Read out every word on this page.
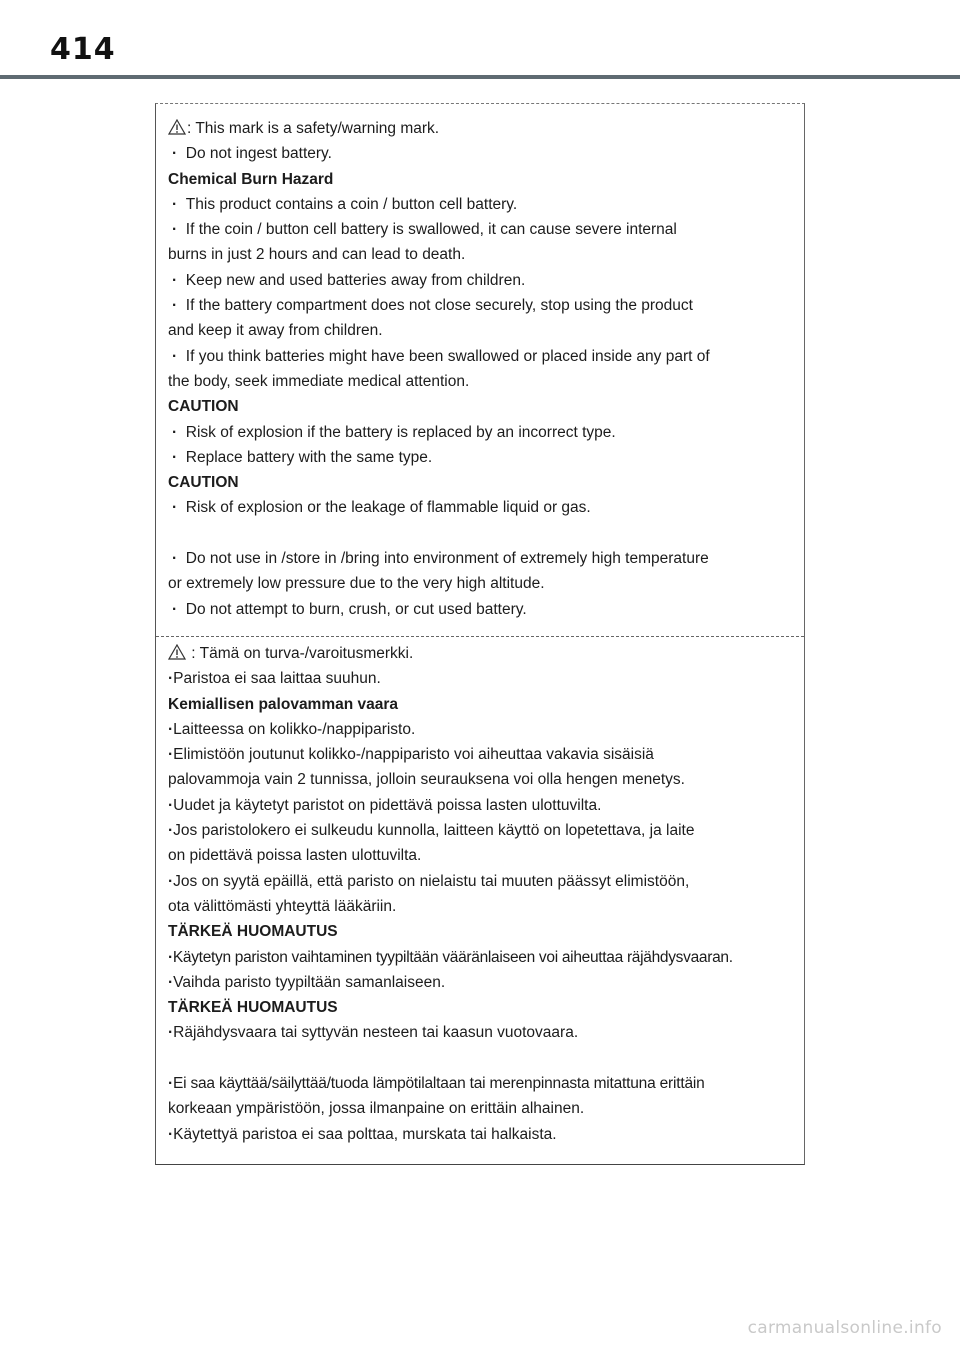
414
: This mark is a safety/warning mark.
·  Do not ingest battery.
Chemical Burn Hazard
·  This product contains a coin / button cell battery.
·  If the coin / button cell battery is swallowed, it can cause severe internal
burns in just 2 hours and can lead to death.
·  Keep new and used batteries away from children.
·  If the battery compartment does not close securely, stop using the product
and keep it away from children.
·  If you think batteries might have been swallowed or placed inside any part of
the body, seek immediate medical attention.
CAUTION
·  Risk of explosion if the battery is replaced by an incorrect type.
·  Replace battery with the same type.
CAUTION
·  Risk of explosion or the leakage of flammable liquid or gas.
·  Do not use in /store in /bring into environment of extremely high temperature
or extremely low pressure due to the very high altitude.
·  Do not attempt to burn, crush, or cut used battery.
: Tämä on turva-/varoitusmerkki.
· Paristoa ei saa laittaa suuhun.
Kemiallisen palovamman vaara
· Laitteessa on kolikko-/nappiparisto.
· Elimistöön joutunut kolikko-/nappiparisto voi aiheuttaa vakavia sisäisiä
palovammoja vain 2 tunnissa, jolloin seurauksena voi olla hengen menetys.
· Uudet ja käytetyt paristot on pidettävä poissa lasten ulottuvilta.
· Jos paristolokero ei sulkeudu kunnolla, laitteen käyttö on lopetettava, ja laite
on pidettävä poissa lasten ulottuvilta.
· Jos on syytä epäillä, että paristo on nielaistu tai muuten päässyt elimistöön,
ota välittömästi yhteyttä lääkäriin.
TÄRKEÄ HUOMAUTUS
· Käytetyn pariston vaihtaminen tyypiltään vääränlaiseen voi aiheuttaa räjähdysvaaran.
· Vaihda paristo tyypiltään samanlaiseen.
TÄRKEÄ HUOMAUTUS
· Räjähdysvaara tai syttyvän nesteen tai kaasun vuotovaara.
· Ei saa käyttää/säilyttää/tuoda lämpötilaltaan tai merenpinnasta mitattuna erittäin
korkeaan ympäristöön, jossa ilmanpaine on erittäin alhainen.
· Käytettyä paristoa ei saa polttaa, murskata tai halkaista.
carmanualsonline.info
